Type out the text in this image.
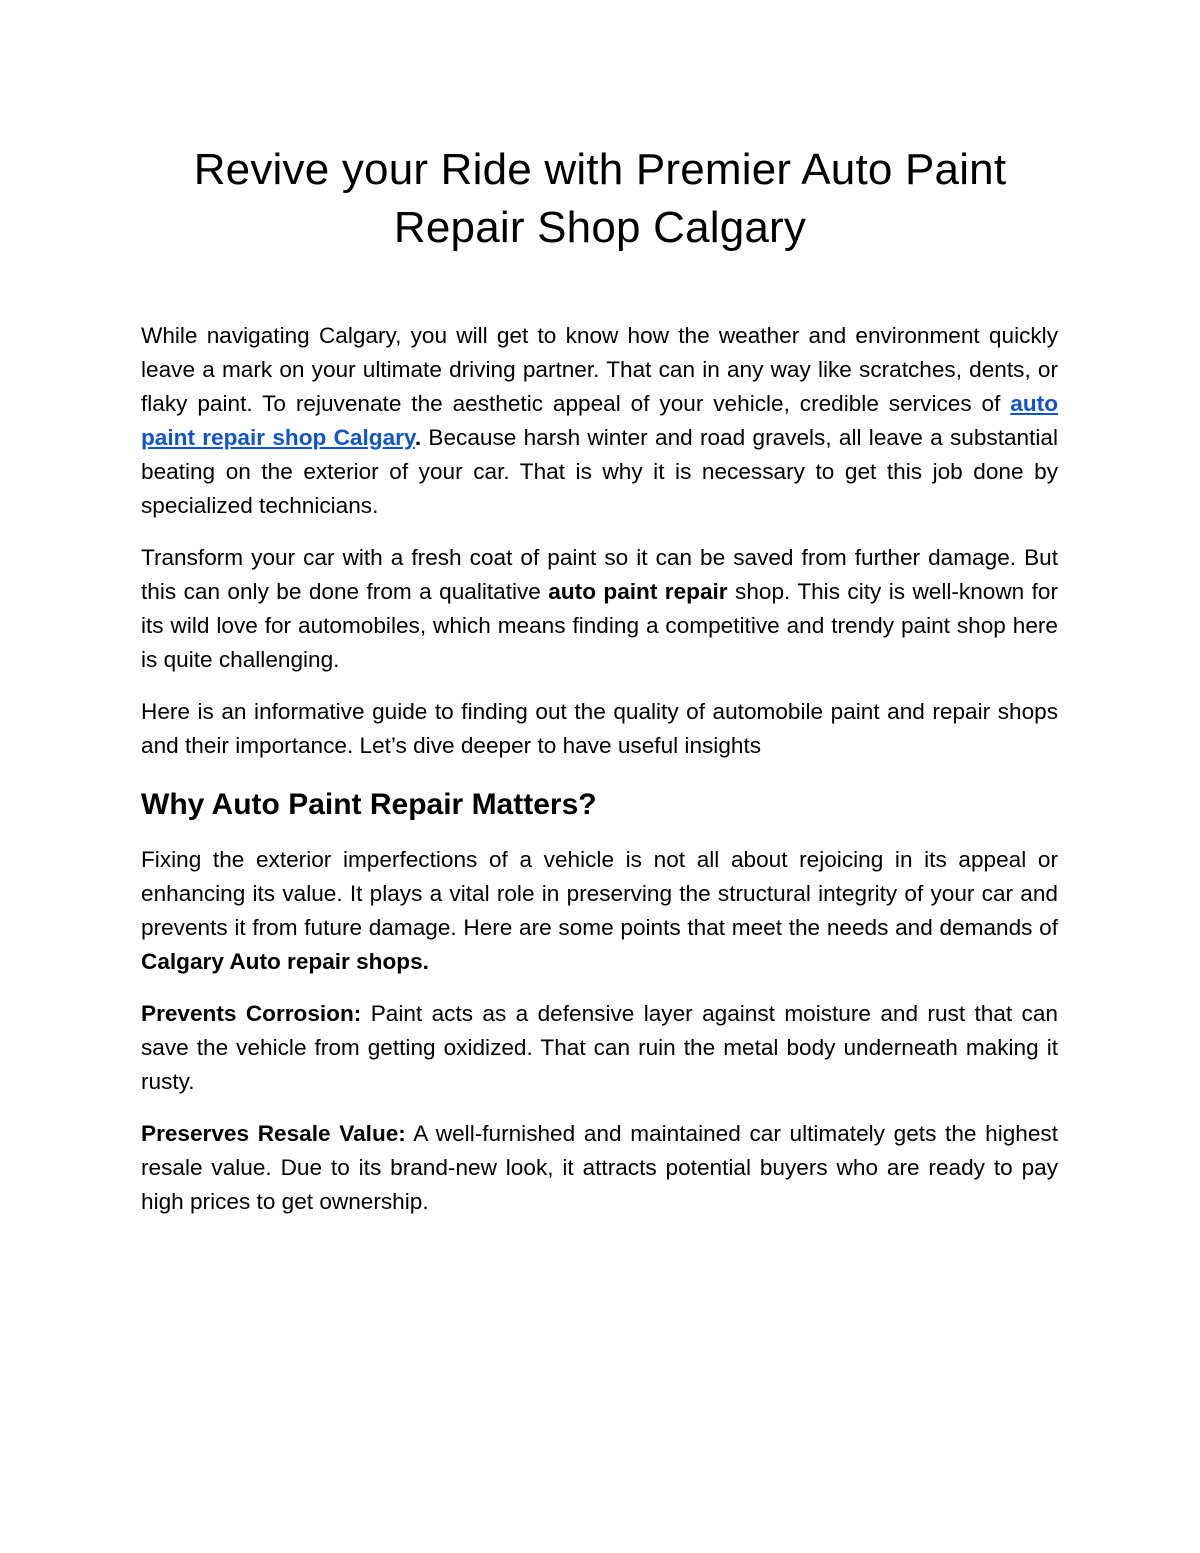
Revive your Ride with Premier Auto Paint Repair Shop Calgary

While navigating Calgary, you will get to know how the weather and environment quickly leave a mark on your ultimate driving partner. That can in any way like scratches, dents, or flaky paint. To rejuvenate the aesthetic appeal of your vehicle, credible services of auto paint repair shop Calgary. Because harsh winter and road gravels, all leave a substantial beating on the exterior of your car. That is why it is necessary to get this job done by specialized technicians.

Transform your car with a fresh coat of paint so it can be saved from further damage. But this can only be done from a qualitative auto paint repair shop. This city is well-known for its wild love for automobiles, which means finding a competitive and trendy paint shop here is quite challenging.

Here is an informative guide to finding out the quality of automobile paint and repair shops and their importance. Let’s dive deeper to have useful insights

Why Auto Paint Repair Matters?

Fixing the exterior imperfections of a vehicle is not all about rejoicing in its appeal or enhancing its value. It plays a vital role in preserving the structural integrity of your car and prevents it from future damage. Here are some points that meet the needs and demands of Calgary Auto repair shops.

Prevents Corrosion: Paint acts as a defensive layer against moisture and rust that can save the vehicle from getting oxidized. That can ruin the metal body underneath making it rusty.

Preserves Resale Value: A well-furnished and maintained car ultimately gets the highest resale value. Due to its brand-new look, it attracts potential buyers who are ready to pay high prices to get ownership.
